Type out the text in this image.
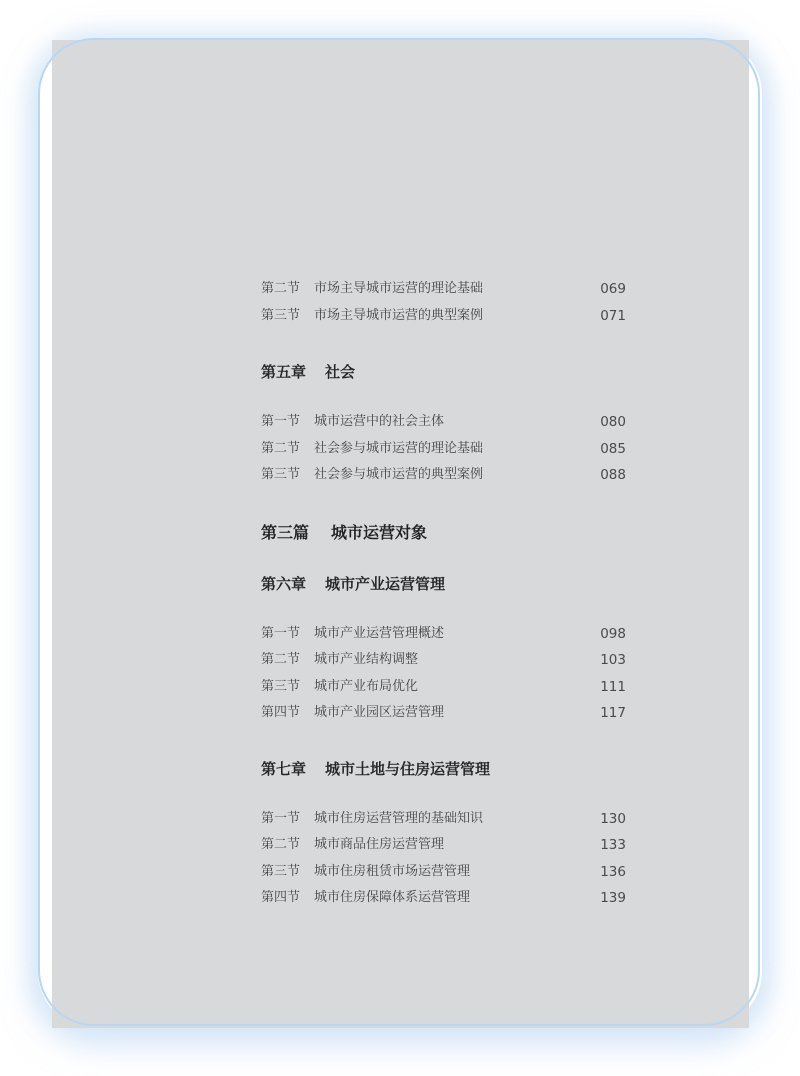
第二节 市场主导城市运营的理论基础	069
第三节 市场主导城市运营的典型案例	071
第五章 社会
第一节 城市运营中的社会主体	080
第二节 社会参与城市运营的理论基础	085
第三节 社会参与城市运营的典型案例	088
第三篇 城市运营对象
第六章 城市产业运营管理
第一节 城市产业运营管理概述	098
第二节 城市产业结构调整	103
第三节 城市产业布局优化	111
第四节 城市产业园区运营管理	117
第七章 城市土地与住房运营管理
第一节 城市住房运营管理的基础知识	130
第二节 城市商品住房运营管理	133
第三节 城市住房租赁市场运营管理	136
第四节 城市住房保障体系运营管理	139
